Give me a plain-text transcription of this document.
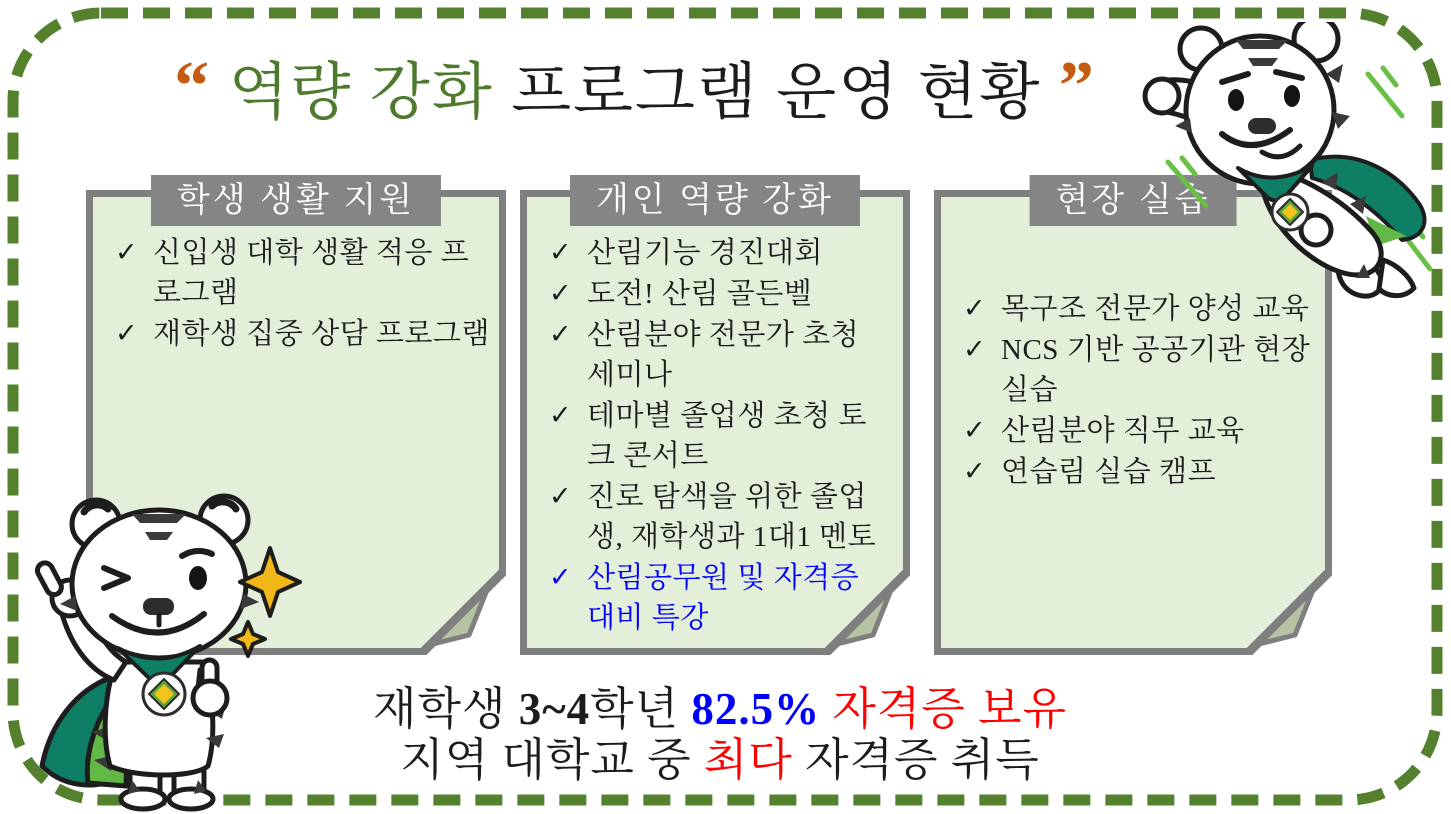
“ 역량 강화 프로그램 운영 현황 ”
학생 생활 지원
✓ 신입생 대학 생활 적응 프로그램
✓ 재학생 집중 상담 프로그램
개인 역량 강화
✓ 산림기능 경진대회
✓ 도전! 산림 골든벨
✓ 산림분야 전문가 초청 세미나
✓ 테마별 졸업생 초청 토크 콘서트
✓ 진로 탐색을 위한 졸업생, 재학생과 1대1 멘토
✓ 산림공무원 및 자격증 대비 특강
현장 실습
✓ 목구조 전문가 양성 교육
✓ NCS 기반 공공기관 현장 실습
✓ 산림분야 직무 교육
✓ 연습림 실습 캠프
재학생 3~4학년 82.5% 자격증 보유
지역 대학교 중 최다 자격증 취득
